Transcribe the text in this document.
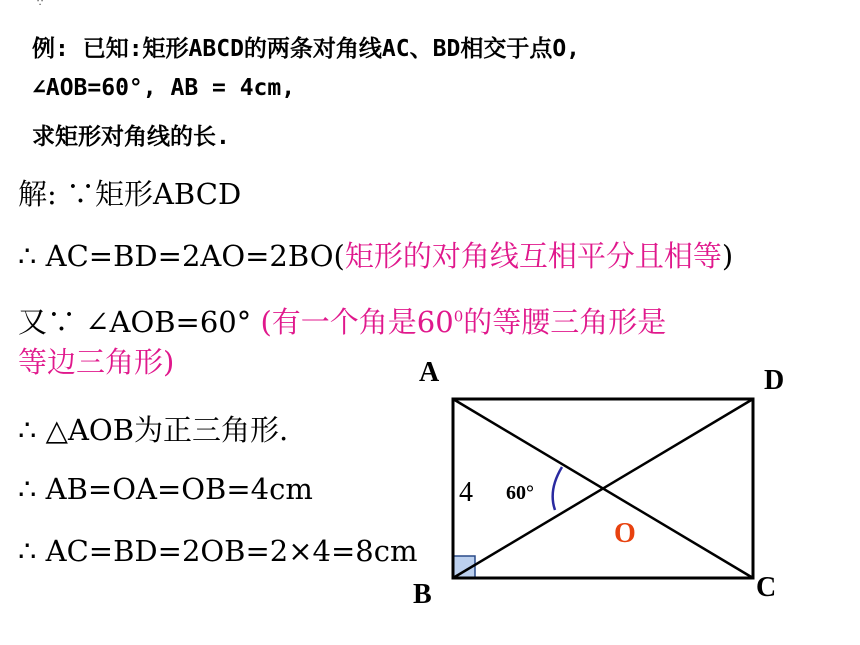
∵
例: 已知:矩形ABCD的两条对角线AC、BD相交于点O,
∠AOB=60°, AB = 4cm,
求矩形对角线的长.
解: ∵矩形ABCD
∴ AC=BD=2AO=2BO(矩形的对角线互相平分且相等)
又∵ ∠AOB=60° (有一个角是$60^0$的等腰三角形是
等边三角形)
∴ △AOB为正三角形.
∴ AB=OA=OB=4cm
∴ AC=BD=2OB=2×4=8cm
A	D
B	C
O
4 60°
